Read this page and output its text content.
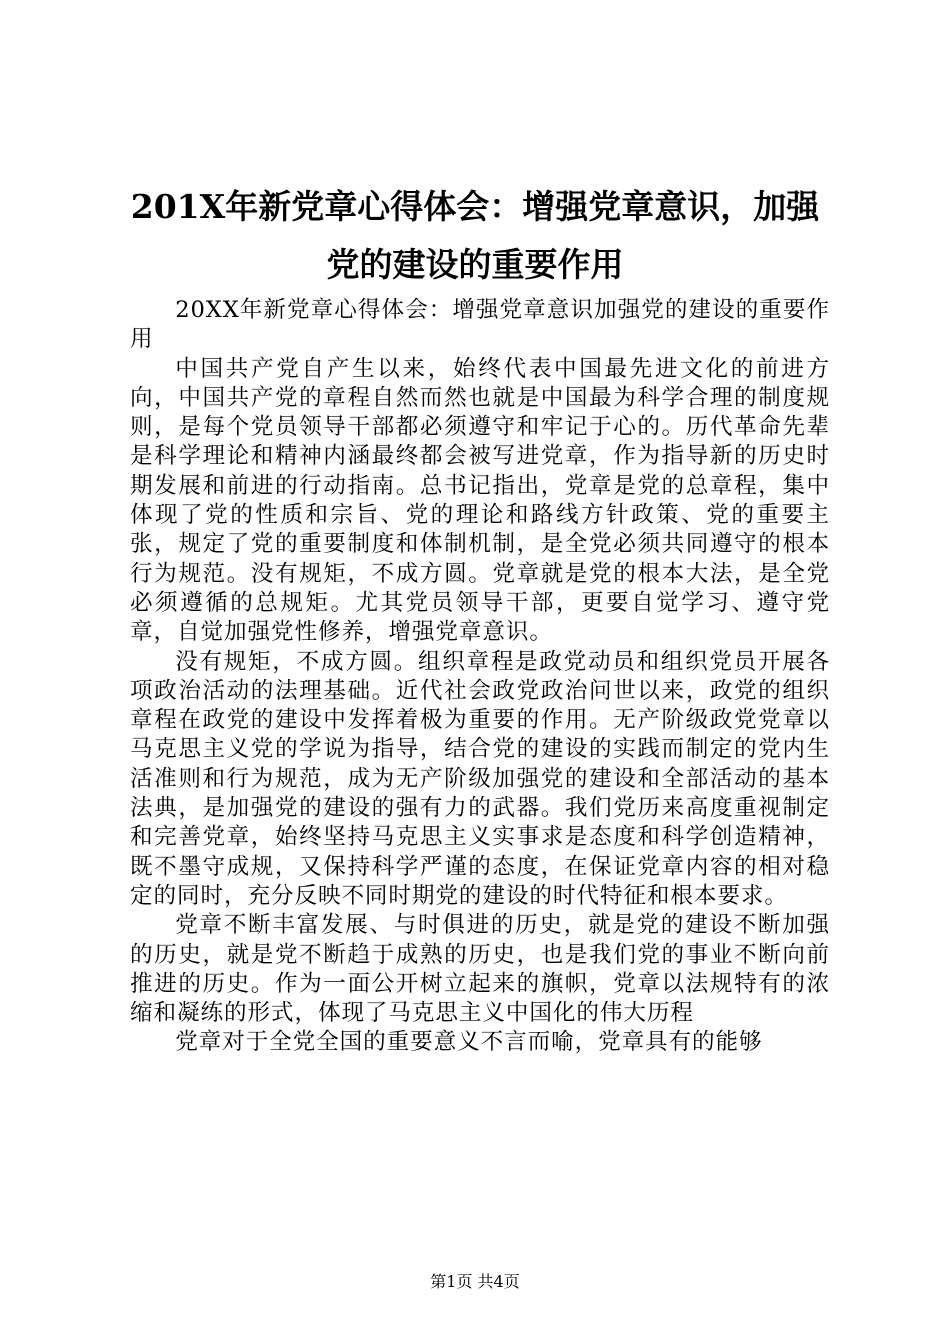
201X年新党章心得体会：增强党章意识，加强党的建设的重要作用

20XX年新党章心得体会：增强党章意识加强党的建设的重要作用

中国共产党自产生以来，始终代表中国最先进文化的前进方向，中国共产党的章程自然而然也就是中国最为科学合理的制度规则，是每个党员领导干部都必须遵守和牢记于心的。历代革命先辈是科学理论和精神内涵最终都会被写进党章，作为指导新的历史时期发展和前进的行动指南。总书记指出，党章是党的总章程，集中体现了党的性质和宗旨、党的理论和路线方针政策、党的重要主张，规定了党的重要制度和体制机制，是全党必须共同遵守的根本行为规范。没有规矩，不成方圆。党章就是党的根本大法，是全党必须遵循的总规矩。尤其党员领导干部，更要自觉学习、遵守党章，自觉加强党性修养，增强党章意识。

没有规矩，不成方圆。组织章程是政党动员和组织党员开展各项政治活动的法理基础。近代社会政党政治问世以来，政党的组织章程在政党的建设中发挥着极为重要的作用。无产阶级政党党章以马克思主义党的学说为指导，结合党的建设的实践而制定的党内生活准则和行为规范，成为无产阶级加强党的建设和全部活动的基本法典，是加强党的建设的强有力的武器。我们党历来高度重视制定和完善党章，始终坚持马克思主义实事求是态度和科学创造精神，既不墨守成规，又保持科学严谨的态度，在保证党章内容的相对稳定的同时，充分反映不同时期党的建设的时代特征和根本要求。

党章不断丰富发展、与时俱进的历史，就是党的建设不断加强的历史，就是党不断趋于成熟的历史，也是我们党的事业不断向前推进的历史。作为一面公开树立起来的旗帜，党章以法规特有的浓缩和凝练的形式，体现了马克思主义中国化的伟大历程

党章对于全党全国的重要意义不言而喻，党章具有的能够

第1页 共4页
